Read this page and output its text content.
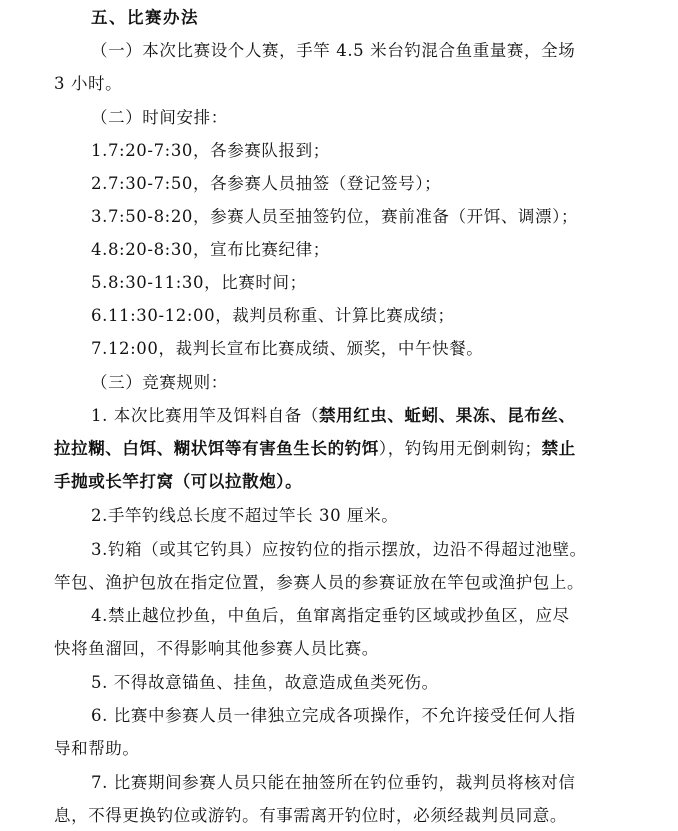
五、比赛办法
（一）本次比赛设个人赛，手竿 4.5 米台钓混合鱼重量赛，全场
3 小时。
（二）时间安排：
1.7:20-7:30，各参赛队报到；
2.7:30-7:50，各参赛人员抽签（登记签号）；
3.7:50-8:20，参赛人员至抽签钓位，赛前准备（开饵、调漂）；
4.8:20-8:30，宣布比赛纪律；
5.8:30-11:30，比赛时间；
6.11:30-12:00，裁判员称重、计算比赛成绩；
7.12:00，裁判长宣布比赛成绩、颁奖，中午快餐。
（三）竞赛规则：
1. 本次比赛用竿及饵料自备（禁用红虫、蚯蚓、果冻、昆布丝、
拉拉糊、白饵、糊状饵等有害鱼生长的钓饵），钓钩用无倒刺钩；禁止
手抛或长竿打窝（可以拉散炮）。
2.手竿钓线总长度不超过竿长 30 厘米。
3.钓箱（或其它钓具）应按钓位的指示摆放，边沿不得超过池壁。
竿包、渔护包放在指定位置，参赛人员的参赛证放在竿包或渔护包上。
4.禁止越位抄鱼，中鱼后，鱼窜离指定垂钓区域或抄鱼区，应尽
快将鱼溜回，不得影响其他参赛人员比赛。
5. 不得故意锚鱼、挂鱼，故意造成鱼类死伤。
6. 比赛中参赛人员一律独立完成各项操作，不允许接受任何人指
导和帮助。
7. 比赛期间参赛人员只能在抽签所在钓位垂钓，裁判员将核对信
息，不得更换钓位或游钓。有事需离开钓位时，必须经裁判员同意。
